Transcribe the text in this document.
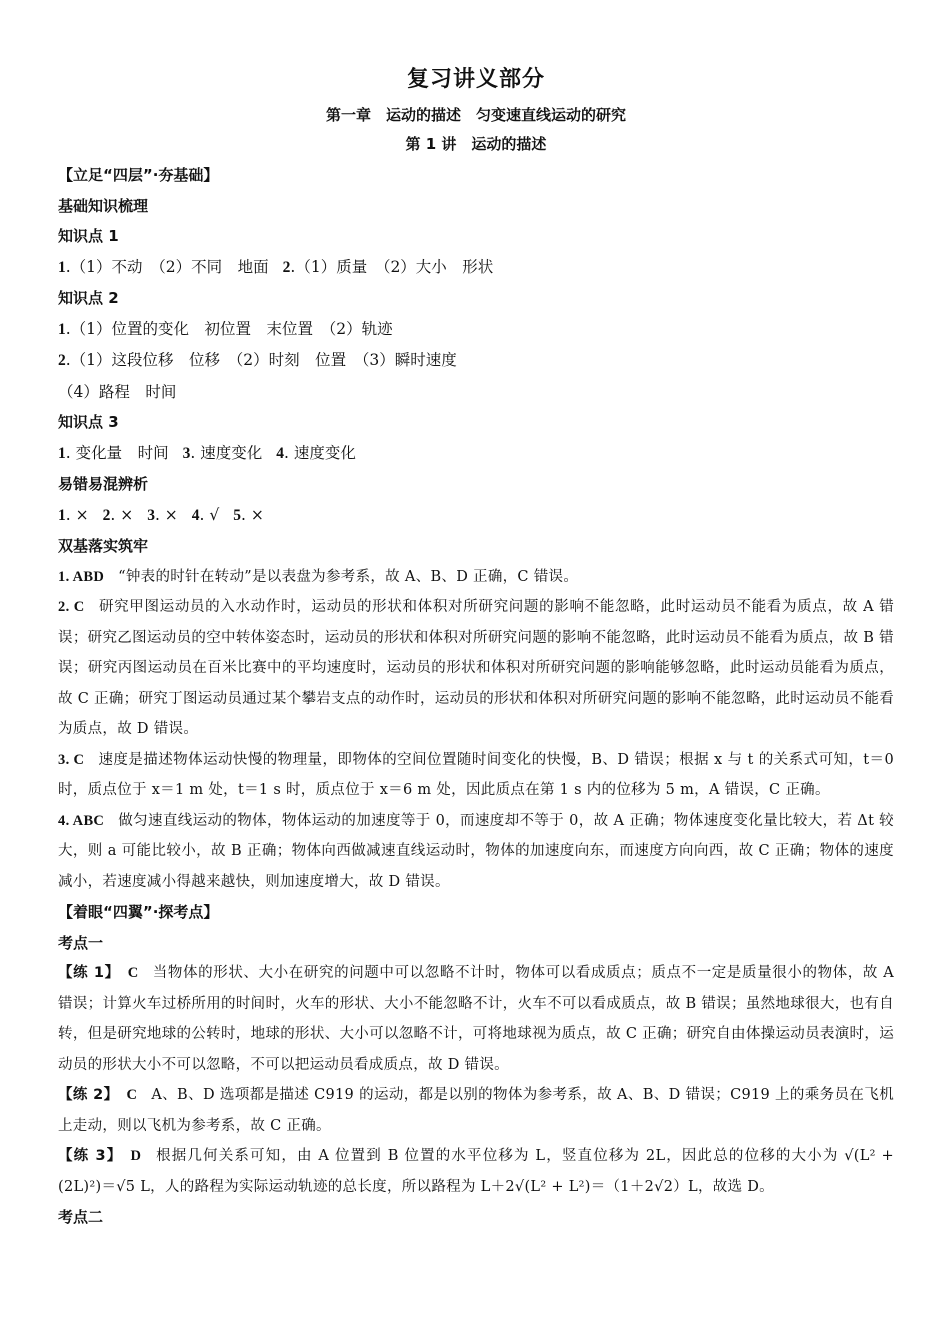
复习讲义部分
第一章　运动的描述　匀变速直线运动的研究
第 1 讲　运动的描述
【立足“四层”·夯基础】
基础知识梳理
知识点 1
1.（1）不动　（2）不同　地面 2.（1）质量　（2）大小　形状
知识点 2
1.（1）位置的变化　初位置　末位置　（2）轨迹
2.（1）这段位移　位移　（2）时刻　位置　（3）瞬时速度
（4）路程　时间
知识点 3
1. 变化量　时间 3. 速度变化 4. 速度变化
易错易混辨析
1. × 2. × 3. × 4. √ 5. ×
双基落实筑牢
1. ABD “钟表的时针在转动”是以表盘为参考系，故 A、B、D 正确，C 错误。
2. C 研究甲图运动员的入水动作时，运动员的形状和体积对所研究问题的影响不能忽略，此时运动员不能看为质点，故 A 错误；研究乙图运动员的空中转体姿态时，运动员的形状和体积对所研究问题的影响不能忽略，此时运动员不能看为质点，故 B 错误；研究丙图运动员在百米比赛中的平均速度时，运动员的形状和体积对所研究问题的影响能够忽略，此时运动员能看为质点，故 C 正确；研究丁图运动员通过某个攀岩支点的动作时，运动员的形状和体积对所研究问题的影响不能忽略，此时运动员不能看为质点，故 D 错误。
3. C 速度是描述物体运动快慢的物理量，即物体的空间位置随时间变化的快慢，B、D 错误；根据 x 与 t 的关系式可知，t＝0 时，质点位于 x＝1 m 处，t＝1 s 时，质点位于 x＝6 m 处，因此质点在第 1 s 内的位移为 5 m，A 错误，C 正确。
4. ABC 做匀速直线运动的物体，物体运动的加速度等于 0，而速度却不等于 0，故 A 正确；物体速度变化量比较大，若 Δt 较大，则 a 可能比较小，故 B 正确；物体向西做减速直线运动时，物体的加速度向东，而速度方向向西，故 C 正确；物体的速度减小，若速度减小得越来越快，则加速度增大，故 D 错误。
【着眼“四翼”·探考点】
考点一
【练 1】 C 当物体的形状、大小在研究的问题中可以忽略不计时，物体可以看成质点；质点不一定是质量很小的物体，故 A 错误；计算火车过桥所用的时间时，火车的形状、大小不能忽略不计，火车不可以看成质点，故 B 错误；虽然地球很大，也有自转，但是研究地球的公转时，地球的形状、大小可以忽略不计，可将地球视为质点，故 C 正确；研究自由体操运动员表演时，运动员的形状大小不可以忽略，不可以把运动员看成质点，故 D 错误。
【练 2】 C A、B、D 选项都是描述 C919 的运动，都是以别的物体为参考系，故 A、B、D 错误；C919 上的乘务员在飞机上走动，则以飞机为参考系，故 C 正确。
【练 3】 D 根据几何关系可知，由 A 位置到 B 位置的水平位移为 L，竖直位移为 2L，因此总的位移的大小为 √(L² + (2L)²)＝√5 L，人的路程为实际运动轨迹的总长度，所以路程为 L＋2√(L² + L²)＝（1＋2√2）L，故选 D。
考点二
